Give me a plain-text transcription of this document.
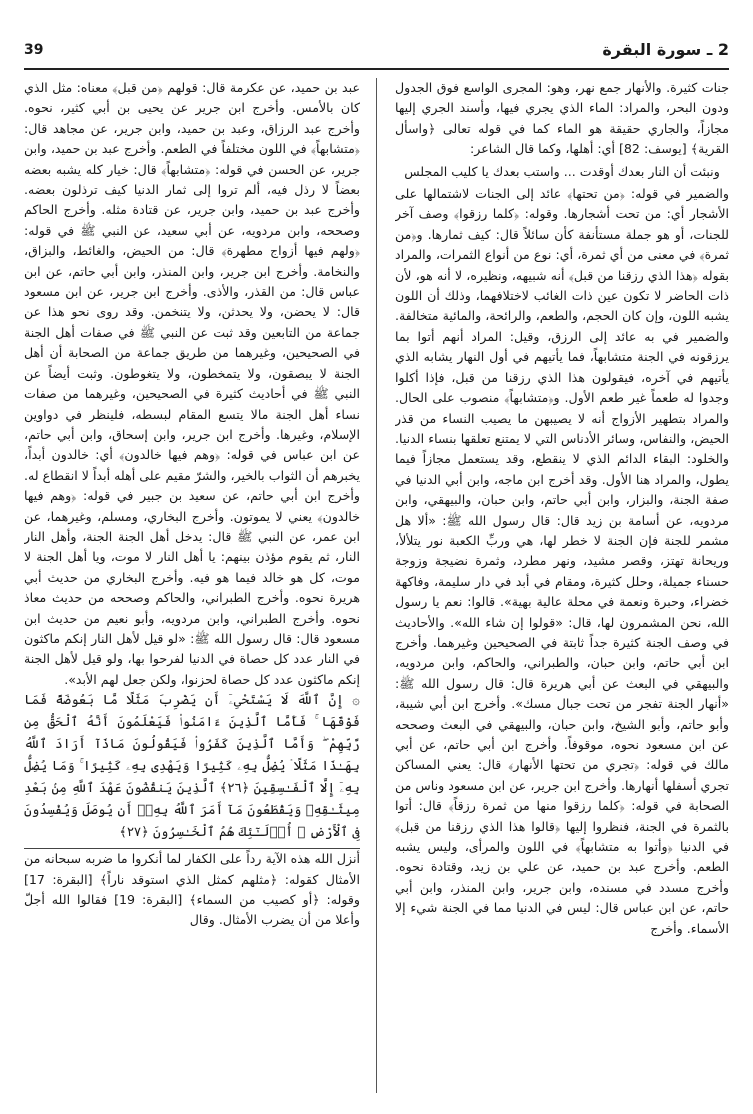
39	2 ـ سورة البقرة

جنات كثيرة. والأنهار جمع نهر، وهو: المجرى الواسع فوق الجدول ودون البحر، والمراد: الماء الذي يجري فيها، وأسند الجري إليها مجازاً، والجاري حقيقة هو الماء كما في قوله تعالى ﴿واسأل القرية﴾ [يوسف: 82] أي: أهلها، وكما قال الشاعر:

ونبئت أن النار بعدك أوقدت ... واستب بعدك يا كليب المجلس

والضمير في قوله: ﴿من تحتها﴾ عائد إلى الجنات لاشتمالها على الأشجار أي: من تحت أشجارها. وقوله: ﴿كلما رزقوا﴾ وصف آخر للجنات، أو هو جملة مستأنفة كأن سائلاً قال: كيف ثمارها. و﴿من ثمرة﴾ في معنى من أي ثمرة، أي: نوع من أنواع الثمرات، والمراد بقوله ﴿هذا الذي رزقنا من قبل﴾ أنه شبيهه، ونظيره، لا أنه هو، لأن ذات الحاضر لا تكون عين ذات الغائب لاختلافهما، وذلك أن اللون يشبه اللون، وإن كان الحجم، والطعم، والرائحة، والمائية متخالفة. والضمير في به عائد إلى الرزق، وقيل: المراد أنهم أتوا بما يرزقونه في الجنة متشابهاً، فما يأتيهم في أول النهار يشابه الذي يأتيهم في آخره، فيقولون هذا الذي رزقنا من قبل، فإذا أكلوا وجدوا له طعماً غير طعم الأول. و﴿متشابهاً﴾ منصوب على الحال. والمراد بتطهير الأزواج أنه لا يصيبهن ما يصيب النساء من قذر الحيض، والنفاس، وسائر الأدناس التي لا يمتنع تعلقها بنساء الدنيا. والخلود: البقاء الدائم الذي لا ينقطع، وقد يستعمل مجازاً فيما يطول، والمراد هنا الأول. وقد أخرج ابن ماجه، وابن أبي الدنيا في صفة الجنة، والبزار، وابن أبي حاتم، وابن حبان، والبيهقي، وابن مردويه، عن أسامة بن زيد قال: قال رسول الله ﷺ: «ألا هل مشمر للجنة فإن الجنة لا خطر لها، هي وربِّ الكعبة نور يتلألأ، وريحانة تهتز، وقصر مشيد، ونهر مطرد، وثمرة نضيجة وزوجة حسناء جميلة، وحلل كثيرة، ومقام في أبد في دار سليمة، وفاكهة خضراء، وحبرة ونعمة في محلة عالية بهية». قالوا: نعم يا رسول الله، نحن المشمرون لها، قال: «قولوا إن شاء الله». والأحاديث في وصف الجنة كثيرة جداً ثابتة في الصحيحين وغيرهما. وأخرج ابن أبي حاتم، وابن حبان، والطبراني، والحاكم، وابن مردويه، والبيهقي في البعث عن أبي هريرة قال: قال رسول الله ﷺ: «أنهار الجنة تفجر من تحت جبال مسك». وأخرج ابن أبي شيبة، وأبو حاتم، وأبو الشيخ، وابن حبان، والبيهقي في البعث وصححه عن ابن مسعود نحوه، موقوفاً. وأخرج ابن أبي حاتم، عن أبي مالك في قوله: ﴿تجري من تحتها الأنهار﴾ قال: يعني المساكن تجري أسفلها أنهارها. وأخرج ابن جرير، عن ابن مسعود وناس من الصحابة في قوله: ﴿كلما رزقوا منها من ثمرة رزقاً﴾ قال: أتوا بالثمرة في الجنة، فنظروا إليها ﴿قالوا هذا الذي رزقنا من قبل﴾ في الدنيا ﴿وأتوا به متشابهاً﴾ في اللون والمرأى، وليس يشبه الطعم. وأخرج عبد بن حميد، عن علي بن زيد، وقتادة نحوه. وأخرج مسدد في مسنده، وابن جرير، وابن المنذر، وابن أبي حاتم، عن ابن عباس قال: ليس في الدنيا مما في الجنة شيء إلا الأسماء. وأخرج

عبد بن حميد، عن عكرمة قال: قولهم ﴿من قبل﴾ معناه: مثل الذي كان بالأمس. وأخرج ابن جرير عن يحيى بن أبي كثير، نحوه. وأخرج عبد الرزاق، وعبد بن حميد، وابن جرير، عن مجاهد قال: ﴿متشابهاً﴾ في اللون مختلفاً في الطعم. وأخرج عبد بن حميد، وابن جرير، عن الحسن في قوله: ﴿متشابهاً﴾ قال: خيار كله يشبه بعضه بعضاً لا رذل فيه، ألم تروا إلى ثمار الدنيا كيف ترذلون بعضه. وأخرج عبد بن حميد، وابن جرير، عن قتادة مثله. وأخرج الحاكم وصححه، وابن مردويه، عن أبي سعيد، عن النبي ﷺ في قوله: ﴿ولهم فيها أزواج مطهرة﴾ قال: من الحيض، والغائط، والبزاق، والنخامة. وأخرج ابن جرير، وابن المنذر، وابن أبي حاتم، عن ابن عباس قال: من القذر، والأذى. وأخرج ابن جرير، عن ابن مسعود قال: لا يحضن، ولا يحدثن، ولا يتنخمن. وقد روى نحو هذا عن جماعة من التابعين وقد ثبت عن النبي ﷺ في صفات أهل الجنة في الصحيحين، وغيرهما من طريق جماعة من الصحابة أن أهل الجنة لا يبصقون، ولا يتمخطون، ولا يتغوطون. وثبت أيضاً عن النبي ﷺ في أحاديث كثيرة في الصحيحين، وغيرهما من صفات نساء أهل الجنة مالا يتسع المقام لبسطه، فلينظر في دواوين الإسلام، وغيرها. وأخرج ابن جرير، وابن إسحاق، وابن أبي حاتم، عن ابن عباس في قوله: ﴿وهم فيها خالدون﴾ أي: خالدون أبداً، يخبرهم أن الثواب بالخير، والشرّ مقيم على أهله أبداً لا انقطاع له. وأخرج ابن أبي حاتم، عن سعيد بن جبير في قوله: ﴿وهم فيها خالدون﴾ يعني لا يموتون. وأخرج البخاري، ومسلم، وغيرهما، عن ابن عمر، عن النبي ﷺ قال: يدخل أهل الجنة الجنة، وأهل النار النار، ثم يقوم مؤذن بينهم: يا أهل النار لا موت، ويا أهل الجنة لا موت، كل هو خالد فيما هو فيه. وأخرج البخاري من حديث أبي هريرة نحوه. وأخرج الطبراني، والحاكم وصححه من حديث معاذ نحوه. وأخرج الطبراني، وابن مردويه، وأبو نعيم من حديث ابن مسعود قال: قال رسول الله ﷺ: «لو قيل لأهل النار إنكم ماكثون في النار عدد كل حصاة في الدنيا لفرحوا بها، ولو قيل لأهل الجنة إنكم ماكثون عدد كل حصاة لحزنوا، ولكن جعل لهم الأبد».

۞ إِنَّ ٱللَّهَ لَا يَسْتَحْىِۦٓ أَن يَضْرِبَ مَثَلًا مَّا بَعُوضَةً فَمَا فَوْقَهَا ۚ فَأَمَّا ٱلَّذِينَ ءَامَنُوا۟ فَيَعْلَمُونَ أَنَّهُ ٱلْحَقُّ مِن رَّبِّهِمْ ۖ وَأَمَّا ٱلَّذِينَ كَفَرُوا۟ فَيَقُولُونَ مَاذَآ أَرَادَ ٱللَّهُ بِهَـٰذَا مَثَلًا ۘ يُضِلُّ بِهِۦ كَثِيرًا وَيَهْدِى بِهِۦ كَثِيرًا ۚ وَمَا يُضِلُّ بِهِۦٓ إِلَّا ٱلْفَـٰسِقِينَ ﴿٢٦﴾ ٱلَّذِينَ يَنقُضُونَ عَهْدَ ٱللَّهِ مِنۢ بَعْدِ مِيثَـٰقِهِۦ وَيَقْطَعُونَ مَآ أَمَرَ ٱللَّهُ بِهِۦٓ أَن يُوصَلَ وَيُفْسِدُونَ فِى ٱلْأَرْضِ ۚ أُو۟لَـٰٓئِكَ هُمُ ٱلْخَـٰسِرُونَ ﴿٢٧﴾

أنزل الله هذه الآية رداً على الكفار لما أنكروا ما ضربه سبحانه من الأمثال كقوله: ﴿مثلهم كمثل الذي استوقد ناراً﴾ [البقرة: 17] وقوله: ﴿أو كصيب من السماء﴾ [البقرة: 19] فقالوا الله أجلّ وأعلا من أن يضرب الأمثال. وقال
